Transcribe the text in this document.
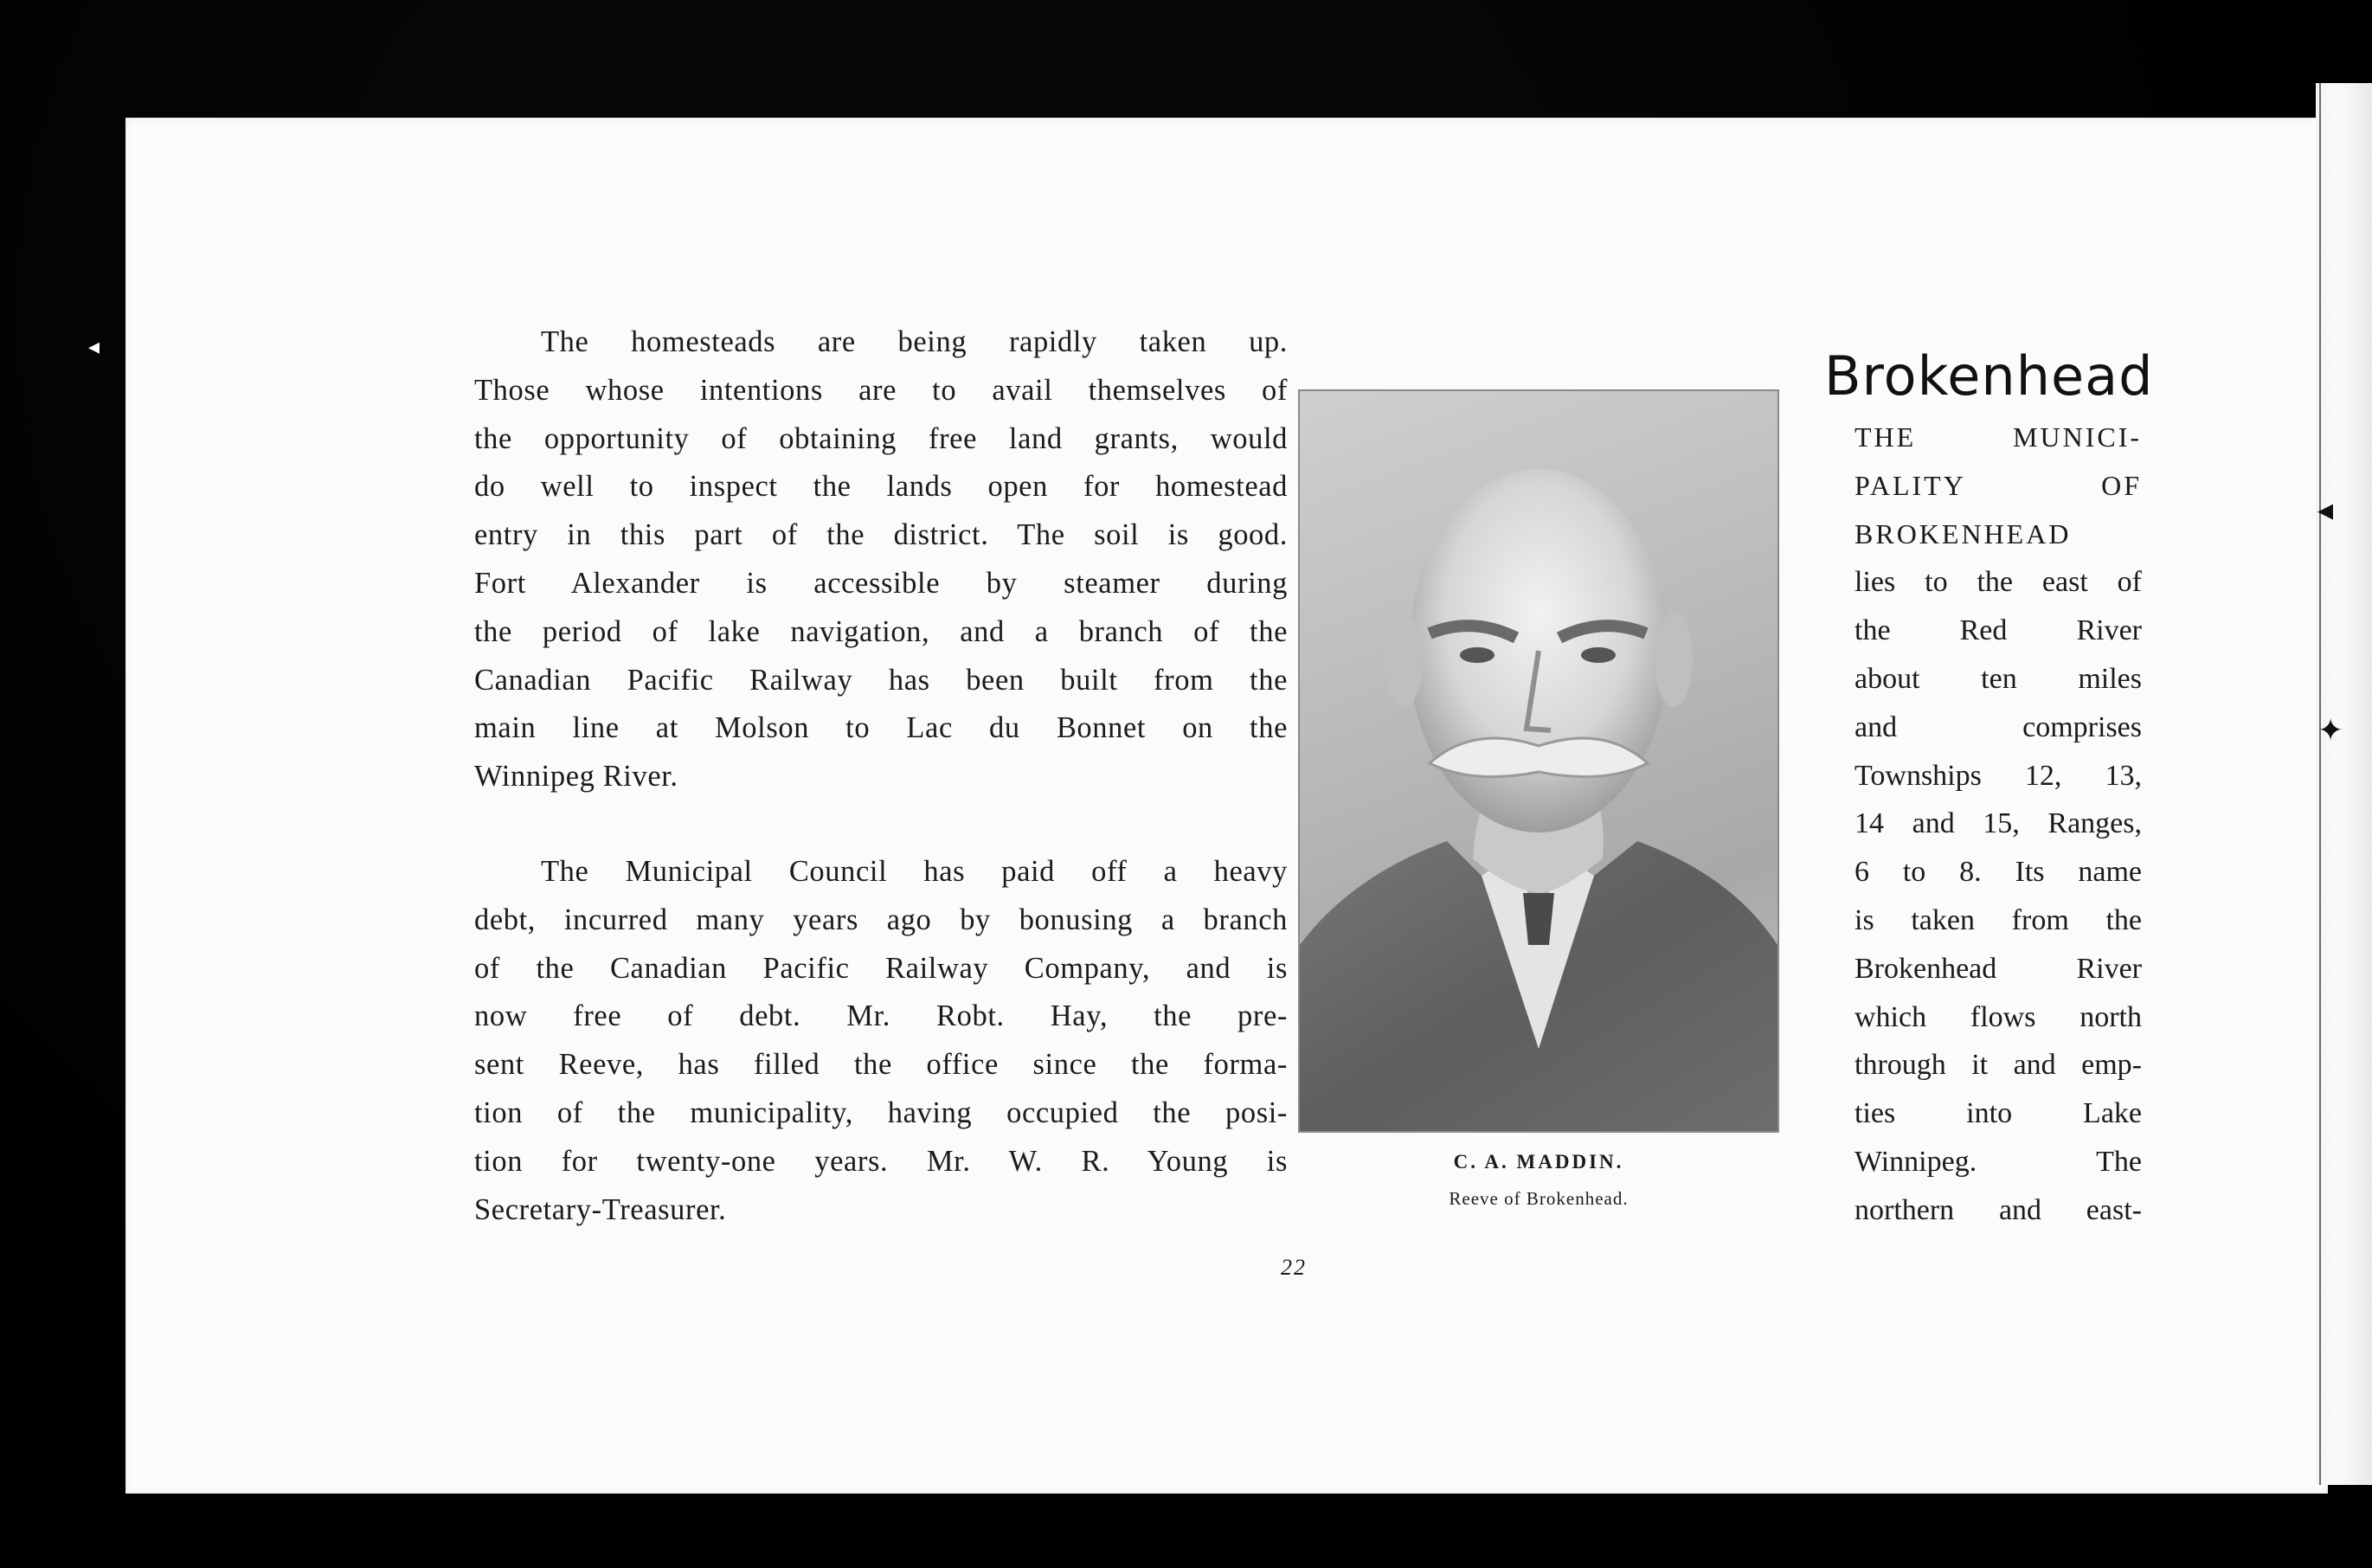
◂
◂
✦
The homesteads are being rapidly taken up.
Those whose intentions are to avail themselves of
the opportunity of obtaining free land grants, would
do well to inspect the lands open for homestead
entry in this part of the district. The soil is good.
Fort Alexander is accessible by steamer during
the period of lake navigation, and a branch of the
Canadian Pacific Railway has been built from the
main line at Molson to Lac du Bonnet on the
Winnipeg River.
The Municipal Council has paid off a heavy
debt, incurred many years ago by bonusing a branch
of the Canadian Pacific Railway Company, and is
now free of debt. Mr. Robt. Hay, the pre-
sent Reeve, has filled the office since the forma-
tion of the municipality, having occupied the posi-
tion for twenty-one years. Mr. W. R. Young is
Secretary-Treasurer.
C. A. MADDIN.
Reeve of Brokenhead.
22
Brokenhead
THE MUNICI-
PALITY OF
BROKENHEAD
lies to the east of
the Red River
about ten miles
and comprises
Townships 12, 13,
14 and 15, Ranges,
6 to 8. Its name
is taken from the
Brokenhead River
which flows north
through it and emp-
ties into Lake
Winnipeg. The
northern and east-
